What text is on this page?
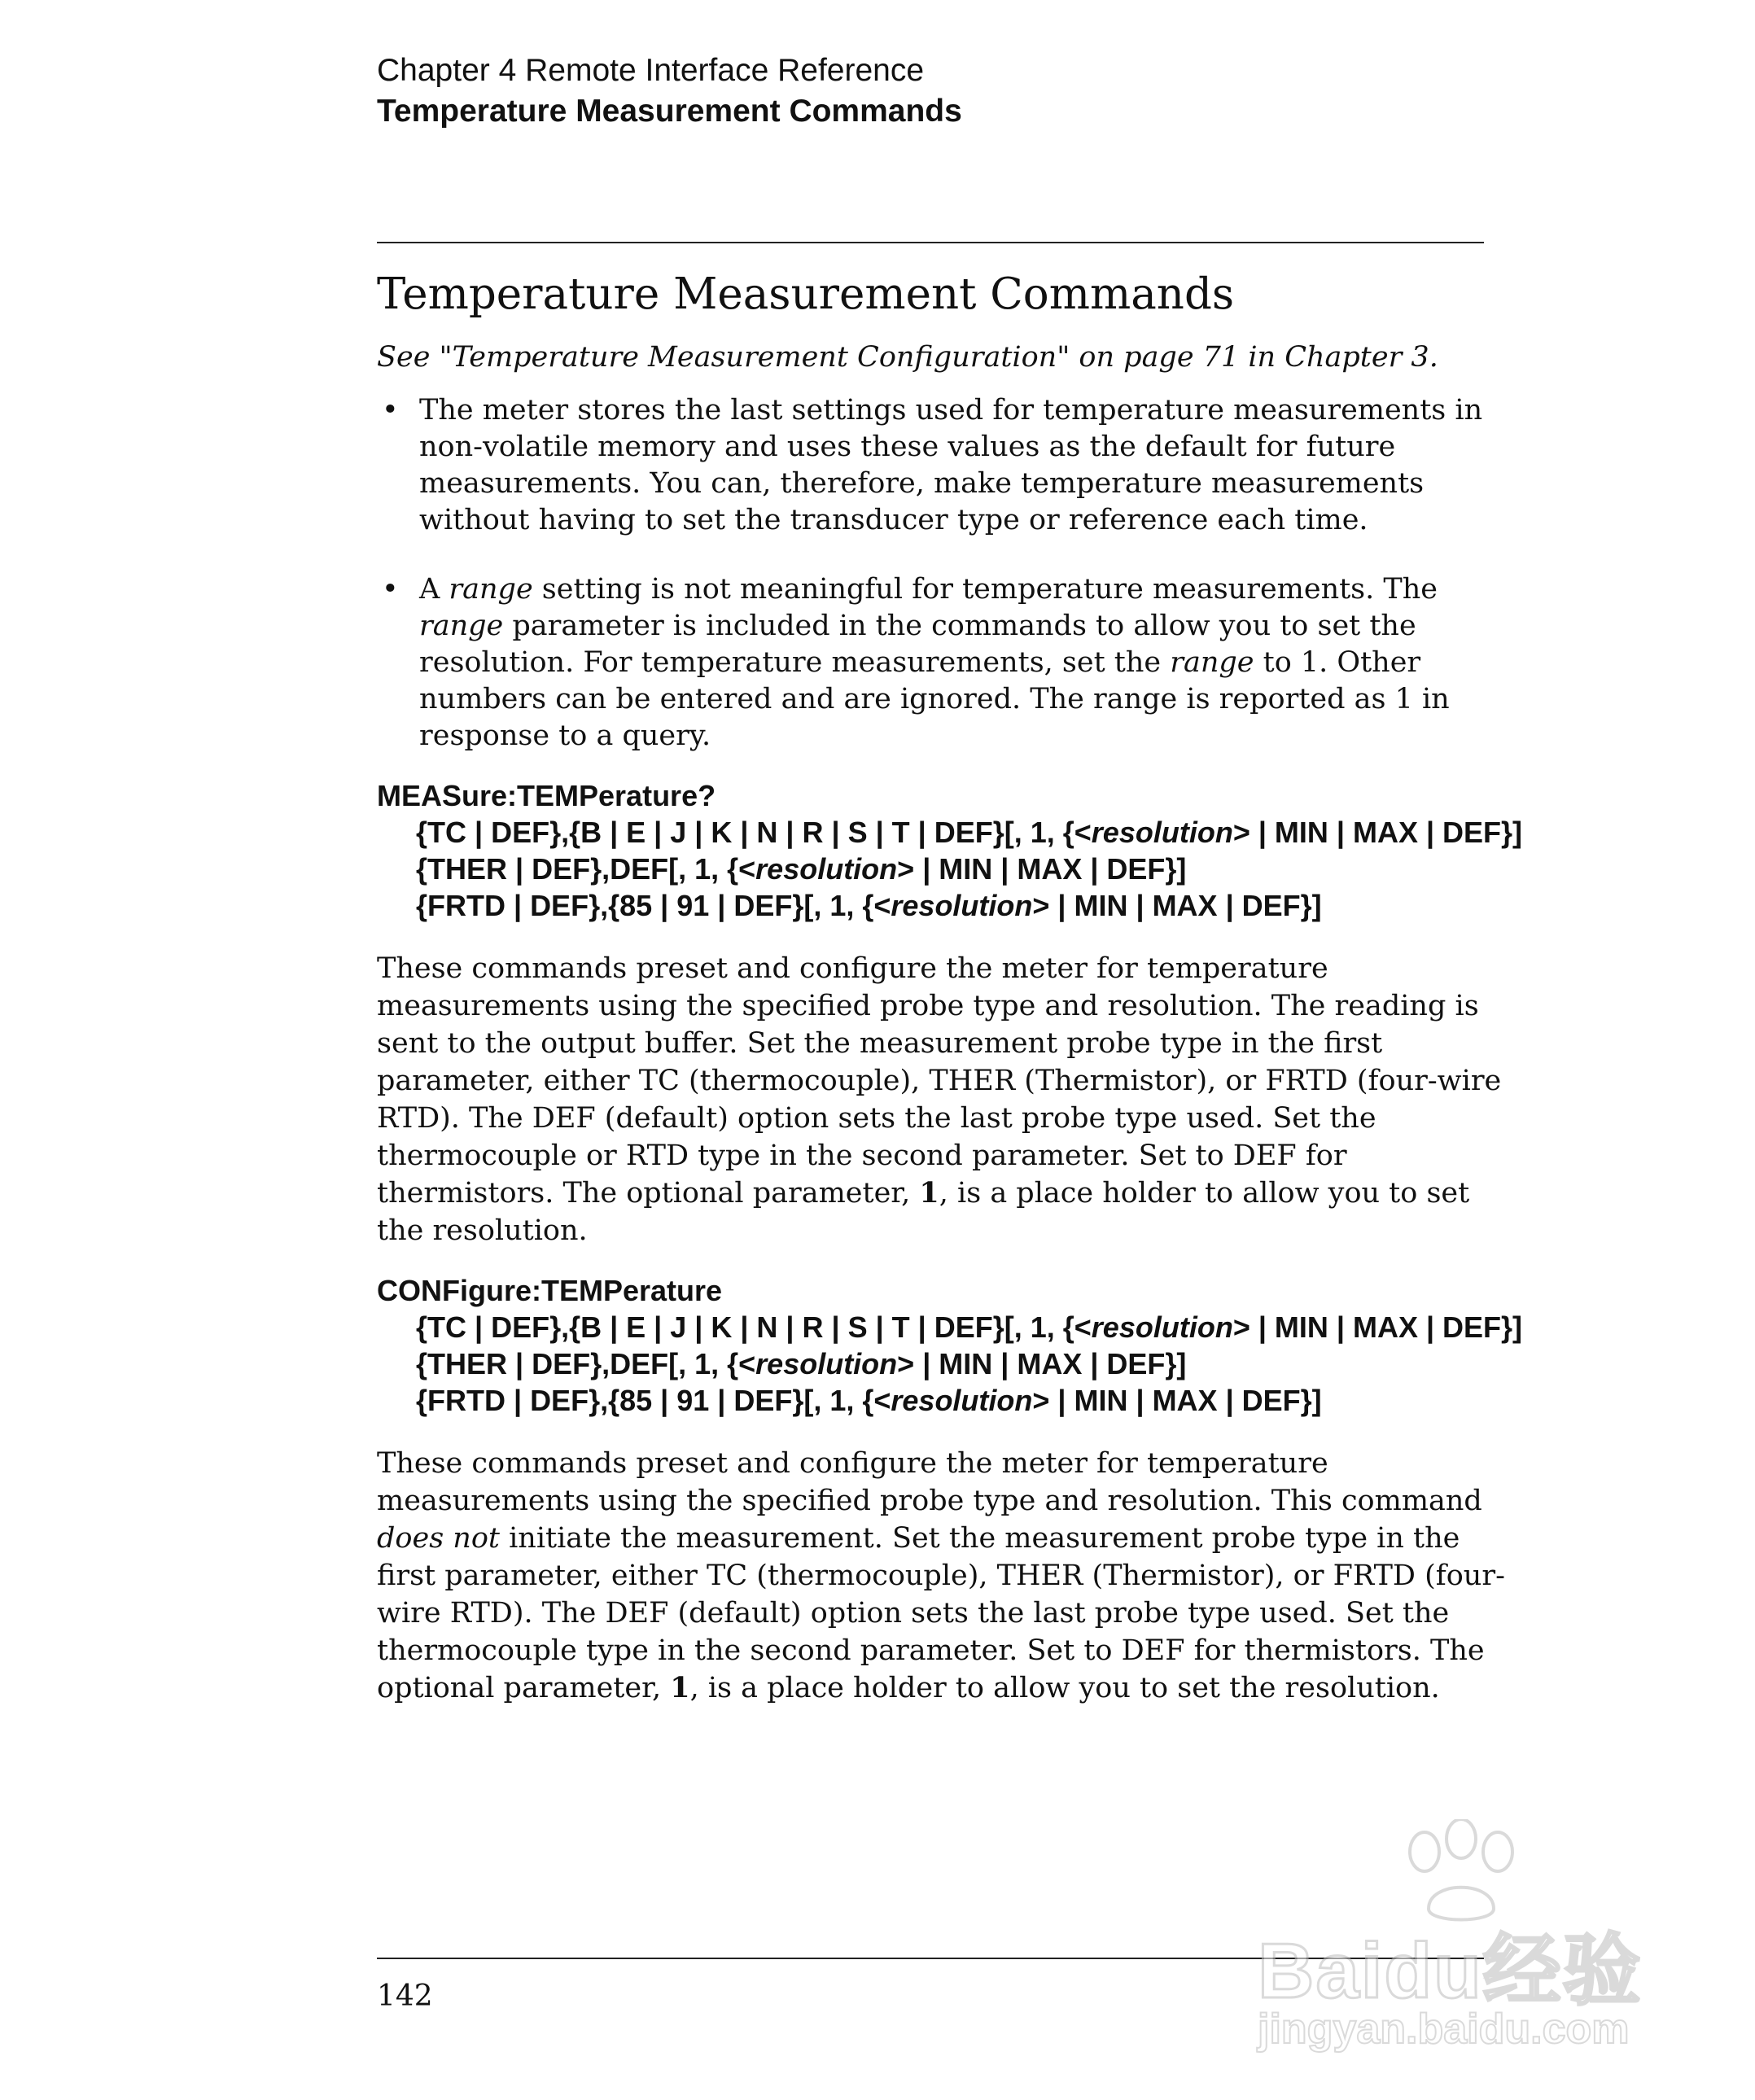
Chapter 4 Remote Interface Reference
Temperature Measurement Commands
Temperature Measurement Commands
See "Temperature Measurement Configuration" on page 71 in Chapter 3.
• The meter stores the last settings used for temperature measurements in non-volatile memory and uses these values as the default for future measurements. You can, therefore, make temperature measurements without having to set the transducer type or reference each time.
• A range setting is not meaningful for temperature measurements. The range parameter is included in the commands to allow you to set the resolution. For temperature measurements, set the range to 1. Other numbers can be entered and are ignored. The range is reported as 1 in response to a query.
MEASure:TEMPerature?
{TC | DEF},{B | E | J | K | N | R | S | T | DEF}[, 1, {<resolution> | MIN | MAX | DEF}]
{THER | DEF},DEF[, 1, {<resolution> | MIN | MAX | DEF}]
{FRTD | DEF},{85 | 91 | DEF}[, 1, {<resolution> | MIN | MAX | DEF}]
These commands preset and configure the meter for temperature measurements using the specified probe type and resolution. The reading is sent to the output buffer. Set the measurement probe type in the first parameter, either TC (thermocouple), THER (Thermistor), or FRTD (four-wire RTD). The DEF (default) option sets the last probe type used. Set the thermocouple or RTD type in the second parameter. Set to DEF for thermistors. The optional parameter, 1, is a place holder to allow you to set the resolution.
CONFigure:TEMPerature
{TC | DEF},{B | E | J | K | N | R | S | T | DEF}[, 1, {<resolution> | MIN | MAX | DEF}]
{THER | DEF},DEF[, 1, {<resolution> | MIN | MAX | DEF}]
{FRTD | DEF},{85 | 91 | DEF}[, 1, {<resolution> | MIN | MAX | DEF}]
These commands preset and configure the meter for temperature measurements using the specified probe type and resolution. This command does not initiate the measurement. Set the measurement probe type in the first parameter, either TC (thermocouple), THER (Thermistor), or FRTD (four-wire RTD). The DEF (default) option sets the last probe type used. Set the thermocouple type in the second parameter. Set to DEF for thermistors. The optional parameter, 1, is a place holder to allow you to set the resolution.
142	Baidu经验
jingyan.baidu.com
